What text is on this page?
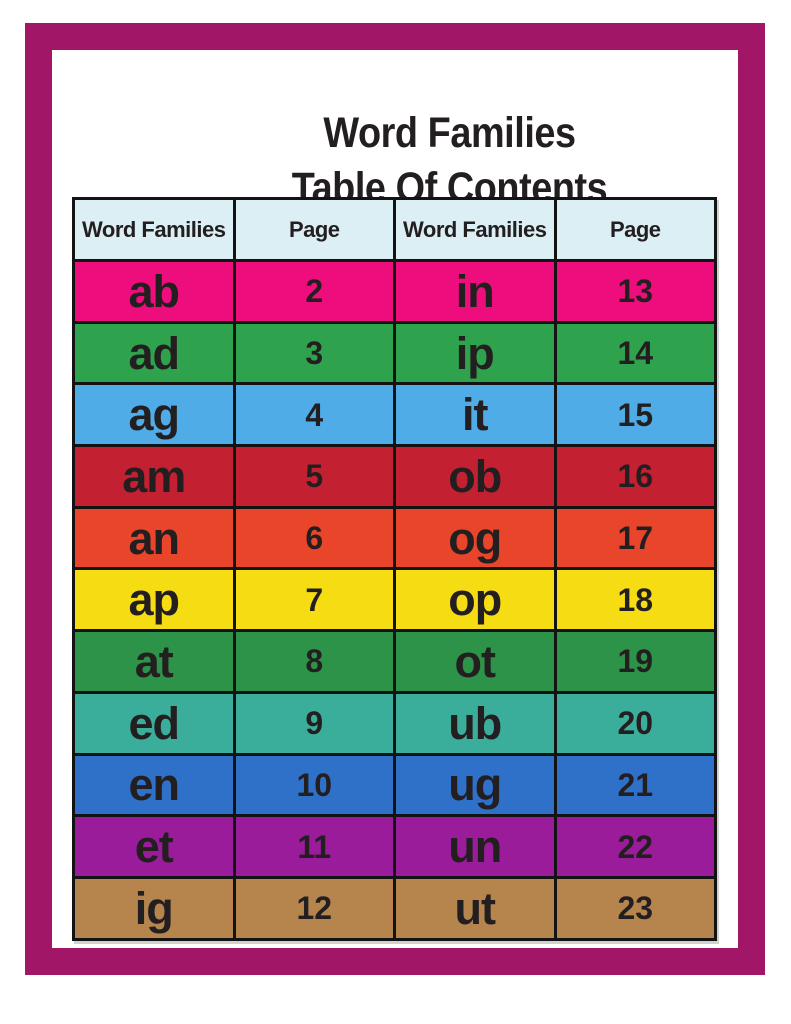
Word Families
Table Of Contents
Word Families	Page	Word Families	Page
ab	2	in	13
ad	3	ip	14
ag	4	it	15
am	5	ob	16
an	6	og	17
ap	7	op	18
at	8	ot	19
ed	9	ub	20
en	10	ug	21
et	11	un	22
ig	12	ut	23
